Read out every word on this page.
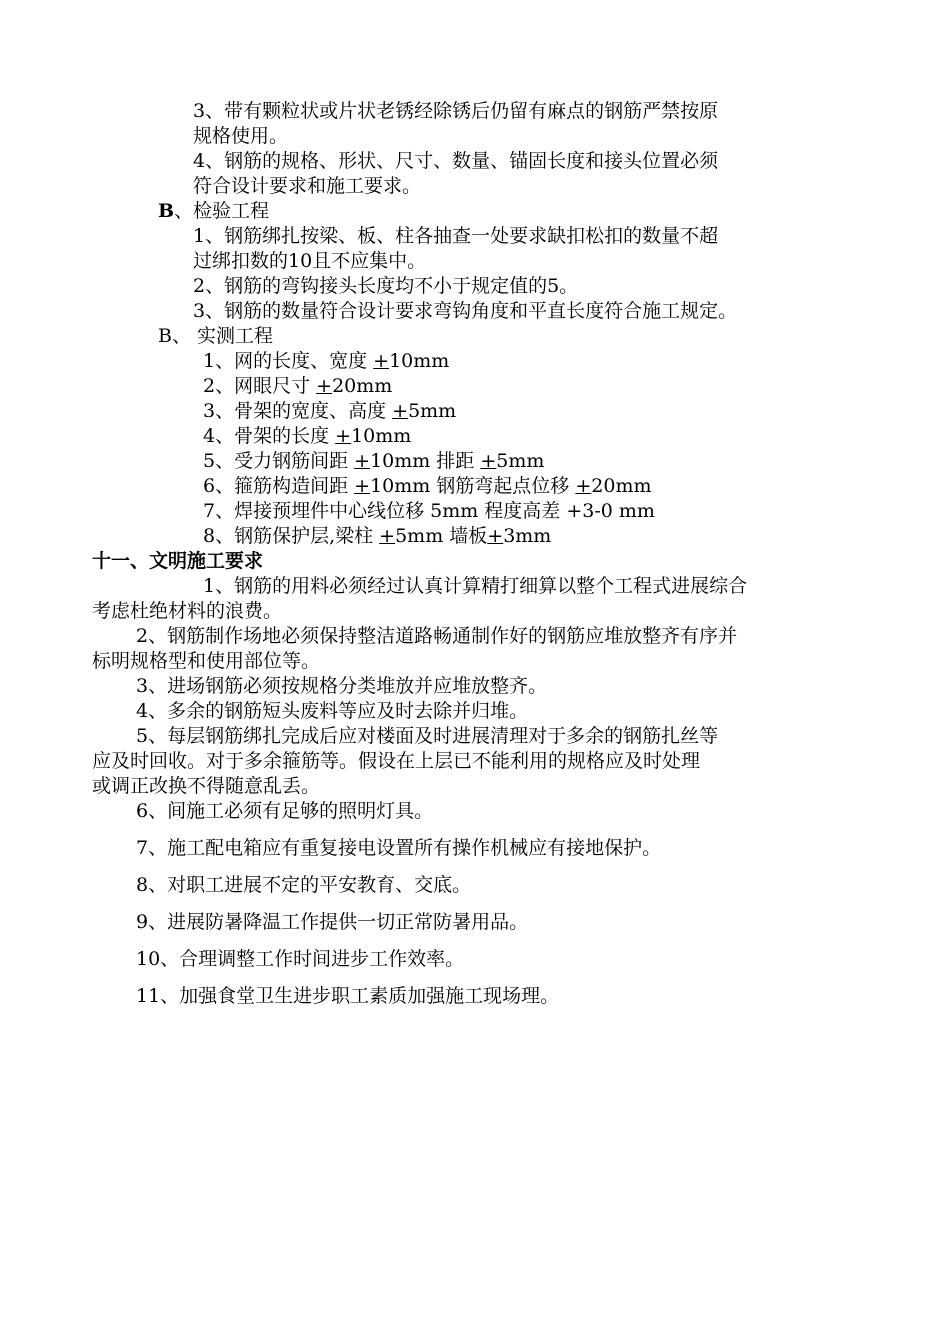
3、带有颗粒状或片状老锈经除锈后仍留有麻点的钢筋严禁按原
规格使用。
4、钢筋的规格、形状、尺寸、数量、锚固长度和接头位置必须
符合设计要求和施工要求。
B、检验工程
1、钢筋绑扎按梁、板、柱各抽查一处要求缺扣松扣的数量不超
过绑扣数的10且不应集中。
2、钢筋的弯钩接头长度均不小于规定值的5。
3、钢筋的数量符合设计要求弯钩角度和平直长度符合施工规定。
B、 实测工程
1、网的长度、宽度 +10mm
2、网眼尺寸 +20mm
3、骨架的宽度、高度 +5mm
4、骨架的长度 +10mm
5、受力钢筋间距 +10mm 排距 +5mm
6、箍筋构造间距 +10mm 钢筋弯起点位移 +20mm
7、焊接预埋件中心线位移 5mm 程度高差 +3-0 mm
8、钢筋保护层,梁柱 +5mm 墙板+3mm
十一、文明施工要求
1、钢筋的用料必须经过认真计算精打细算以整个工程式进展综合
考虑杜绝材料的浪费。
2、钢筋制作场地必须保持整洁道路畅通制作好的钢筋应堆放整齐有序并
标明规格型和使用部位等。
3、进场钢筋必须按规格分类堆放并应堆放整齐。
4、多余的钢筋短头废料等应及时去除并归堆。
5、每层钢筋绑扎完成后应对楼面及时进展清理对于多余的钢筋扎丝等
应及时回收。对于多余箍筋等。假设在上层已不能利用的规格应及时处理
或调正改换不得随意乱丢。
6、间施工必须有足够的照明灯具。
7、施工配电箱应有重复接电设置所有操作机械应有接地保护。
8、对职工进展不定的平安教育、交底。
9、进展防暑降温工作提供一切正常防暑用品。
10、合理调整工作时间进步工作效率。
11、加强食堂卫生进步职工素质加强施工现场理。
